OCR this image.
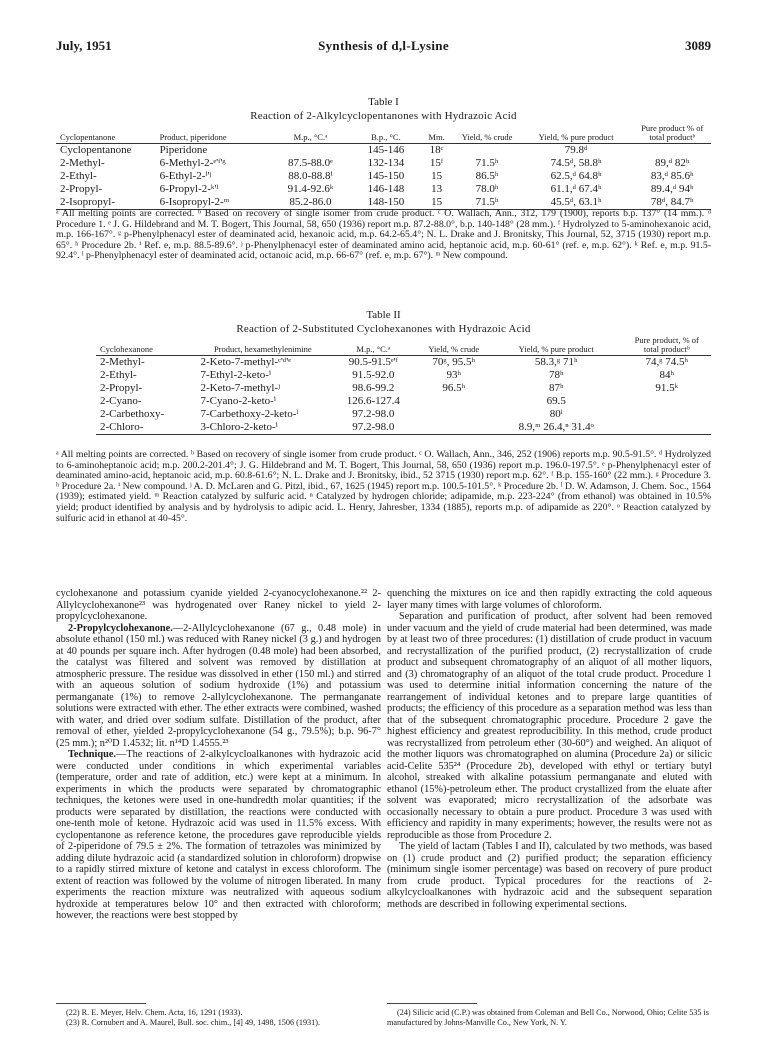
July, 1951	Synthesis of d,l-Lysine	3089
Table I
Reaction of 2-Alkylcyclopentanones with Hydrazoic Acid
Cyclopentanone	Product, piperidone	M.p., °C.ᵃ	B.p., °C.	Mm.	Yield, % crude	Yield, % pure product	Pure product % of total productᵇ
Cyclopentanone	Piperidone		145-146	18ᶜ		79.8ᵈ	
2-Methyl-	6-Methyl-2-ᵉ'ᶠ'ᵍ	87.5-88.0ᵉ	132-134	15ᶠ	71.5ʰ	74.5ᵈ, 58.8ʰ	89,ᵈ 82ʰ
2-Ethyl-	6-Ethyl-2-ⁱ'ʲ	88.0-88.8ⁱ	145-150	15	86.5ʰ	62.5,ᵈ 64.8ʰ	83,ᵈ 85.6ʰ
2-Propyl-	6-Propyl-2-ᵏ'ˡ	91.4-92.6ᵏ	146-148	13	78.0ʰ	61.1,ᵈ 67.4ʰ	89.4,ᵈ 94ʰ
2-Isopropyl-	6-Isopropyl-2-ᵐ	85.2-86.0	148-150	15	71.5ʰ	45.5ᵈ, 63.1ʰ	78ᵈ, 84.7ʰ
ᵃ All melting points are corrected. ᵇ Based on recovery of single isomer from crude product. ᶜ O. Wallach, Ann., 312, 179 (1900), reports b.p. 137° (14 mm.). ᵈ Procedure 1. ᵉ J. G. Hildebrand and M. T. Bogert, This Journal, 58, 650 (1936) report m.p. 87.2-88.0°, b.p. 140-148° (28 mm.). ᶠ Hydrolyzed to 5-aminohexanoic acid, m.p. 166-167°. ᵍ p-Phenylphenacyl ester of deaminated acid, hexanoic acid, m.p. 64.2-65.4°; N. L. Drake and J. Bronitsky, This Journal, 52, 3715 (1930) report m.p. 65°. ʰ Procedure 2b. ⁱ Ref. e, m.p. 88.5-89.6°. ʲ p-Phenylphenacyl ester of deaminated amino acid, heptanoic acid, m.p. 60-61° (ref. e, m.p. 62°). ᵏ Ref. e, m.p. 91.5-92.4°. ˡ p-Phenylphenacyl ester of deaminated acid, octanoic acid, m.p. 66-67° (ref. e, m.p. 67°). ᵐ New compound.
Table II
Reaction of 2-Substituted Cyclohexanones with Hydrazoic Acid
Cyclohexanone	Product, hexamethylenimine	M.p., °C.ᵃ	Yield, % crude	Yield, % pure product	Pure product, % of total productᵇ
2-Methyl-	2-Keto-7-methyl-ᶜ'ᵈ'ᵉ	90.5-91.5ᵉ'ᶠ	70ᵍ, 95.5ʰ	58.3,ᵍ 71ʰ	74,ᵍ 74.5ʰ
2-Ethyl-	7-Ethyl-2-keto-ⁱ	91.5-92.0	93ʰ	78ʰ	84ʰ
2-Propyl-	2-Keto-7-methyl-ʲ	98.6-99.2	96.5ʰ	87ʰ	91.5ᵏ
2-Cyano-	7-Cyano-2-keto-ⁱ	126.6-127.4		69.5	
2-Carbethoxy-	7-Carbethoxy-2-keto-ˡ	97.2-98.0		80ˡ	
2-Chloro-	3-Chloro-2-keto-ⁱ	97.2-98.0		8.9,ᵐ 26.4,ⁿ 31.4ᵒ	
ᵃ All melting points are corrected. ᵇ Based on recovery of single isomer from crude product. ᶜ O. Wallach, Ann., 346, 252 (1906) reports m.p. 90.5-91.5°. ᵈ Hydrolyzed to 6-aminoheptanoic acid; m.p. 200.2-201.4°; J. G. Hildebrand and M. T. Bogert, This Journal, 58, 650 (1936) report m.p. 196.0-197.5°. ᵉ p-Phenylphenacyl ester of deaminated amino-acid, heptanoic acid, m.p. 60.8-61.6°; N. L. Drake and J. Bronitsky, ibid., 52 3715 (1930) report m.p. 62°. ᶠ B.p. 155-160° (22 mm.). ᵍ Procedure 3. ʰ Procedure 2a. ⁱ New compound. ʲ A. D. McLaren and G. Pitzl, ibid., 67, 1625 (1945) report m.p. 100.5-101.5°. ᵏ Procedure 2b. ˡ D. W. Adamson, J. Chem. Soc., 1564 (1939); estimated yield. ᵐ Reaction catalyzed by sulfuric acid. ⁿ Catalyzed by hydrogen chloride; adipamide, m.p. 223-224° (from ethanol) was obtained in 10.5% yield; product identified by analysis and by hydrolysis to adipic acid. L. Henry, Jahresber, 1334 (1885), reports m.p. of adipamide as 220°. ᵒ Reaction catalyzed by sulfuric acid in ethanol at 40-45°.

cyclohexanone and potassium cyanide yielded 2-cyanocyclohexanone.²² 2-Allylcyclohexanone²³ was hydrogenated over Raney nickel to yield 2-propylcyclohexanone.

2-Propylcyclohexanone.—2-Allylcyclohexanone (67 g., 0.48 mole) in absolute ethanol (150 ml.) was reduced with Raney nickel (3 g.) and hydrogen at 40 pounds per square inch. After hydrogen (0.48 mole) had been absorbed, the catalyst was filtered and solvent was removed by distillation at atmospheric pressure. The residue was dissolved in ether (150 ml.) and stirred with an aqueous solution of sodium hydroxide (1%) and potassium permanganate (1%) to remove 2-allylcyclohexanone. The permanganate solutions were extracted with ether. The ether extracts were combined, washed with water, and dried over sodium sulfate. Distillation of the product, after removal of ether, yielded 2-propylcyclohexanone (54 g., 79.5%); b.p. 96-7° (25 mm.); n²⁰D 1.4532; lit. n¹⁴D 1.4555.²³

Technique.—The reactions of 2-alkylcycloalkanones with hydrazoic acid were conducted under conditions in which experimental variables (temperature, order and rate of addition, etc.) were kept at a minimum. In experiments in which the products were separated by chromatographic techniques, the ketones were used in one-hundredth molar quantities; if the products were separated by distillation, the reactions were conducted with one-tenth mole of ketone. Hydrazoic acid was used in 11.5% excess. With cyclopentanone as reference ketone, the procedures gave reproducible yields of 2-piperidone of 79.5 ± 2%. The formation of tetrazoles was minimized by adding dilute hydrazoic acid (a standardized solution in chloroform) dropwise to a rapidly stirred mixture of ketone and catalyst in excess chloroform. The extent of reaction was followed by the volume of nitrogen liberated. In many experiments the reaction mixture was neutralized with aqueous sodium hydroxide at temperatures below 10° and then extracted with chloroform; however, the reactions were best stopped by

quenching the mixtures on ice and then rapidly extracting the cold aqueous layer many times with large volumes of chloroform.

Separation and purification of product, after solvent had been removed under vacuum and the yield of crude material had been determined, was made by at least two of three procedures: (1) distillation of crude product in vacuum and recrystallization of the purified product, (2) recrystallization of crude product and subsequent chromatography of an aliquot of all mother liquors, and (3) chromatography of an aliquot of the total crude product. Procedure 1 was used to determine initial information concerning the nature of the rearrangement of individual ketones and to prepare large quantities of products; the efficiency of this procedure as a separation method was less than that of the subsequent chromatographic procedure. Procedure 2 gave the highest efficiency and greatest reproducibility. In this method, crude product was recrystallized from petroleum ether (30-60°) and weighed. An aliquot of the mother liquors was chromatographed on alumina (Procedure 2a) or silicic acid-Celite 535²⁴ (Procedure 2b), developed with ethyl or tertiary butyl alcohol, streaked with alkaline potassium permanganate and eluted with ethanol (15%)-petroleum ether. The product crystallized from the eluate after solvent was evaporated; micro recrystallization of the adsorbate was occasionally necessary to obtain a pure product. Procedure 3 was used with efficiency and rapidity in many experiments; however, the results were not as reproducible as those from Procedure 2.

The yield of lactam (Tables I and II), calculated by two methods, was based on (1) crude product and (2) purified product; the separation efficiency (minimum single isomer percentage) was based on recovery of pure product from crude product. Typical procedures for the reactions of 2-alkylcycloalkanones with hydrazoic acid and the subsequent separation methods are described in following experimental sections.

(22) R. E. Meyer, Helv. Chem. Acta, 16, 1291 (1933).

(23) R. Cornubert and A. Maurel, Bull. soc. chim., [4] 49, 1498, 1506 (1931).

(24) Silicic acid (C.P.) was obtained from Coleman and Bell Co., Norwood, Ohio; Celite 535 is manufactured by Johns-Manville Co., New York, N. Y.
